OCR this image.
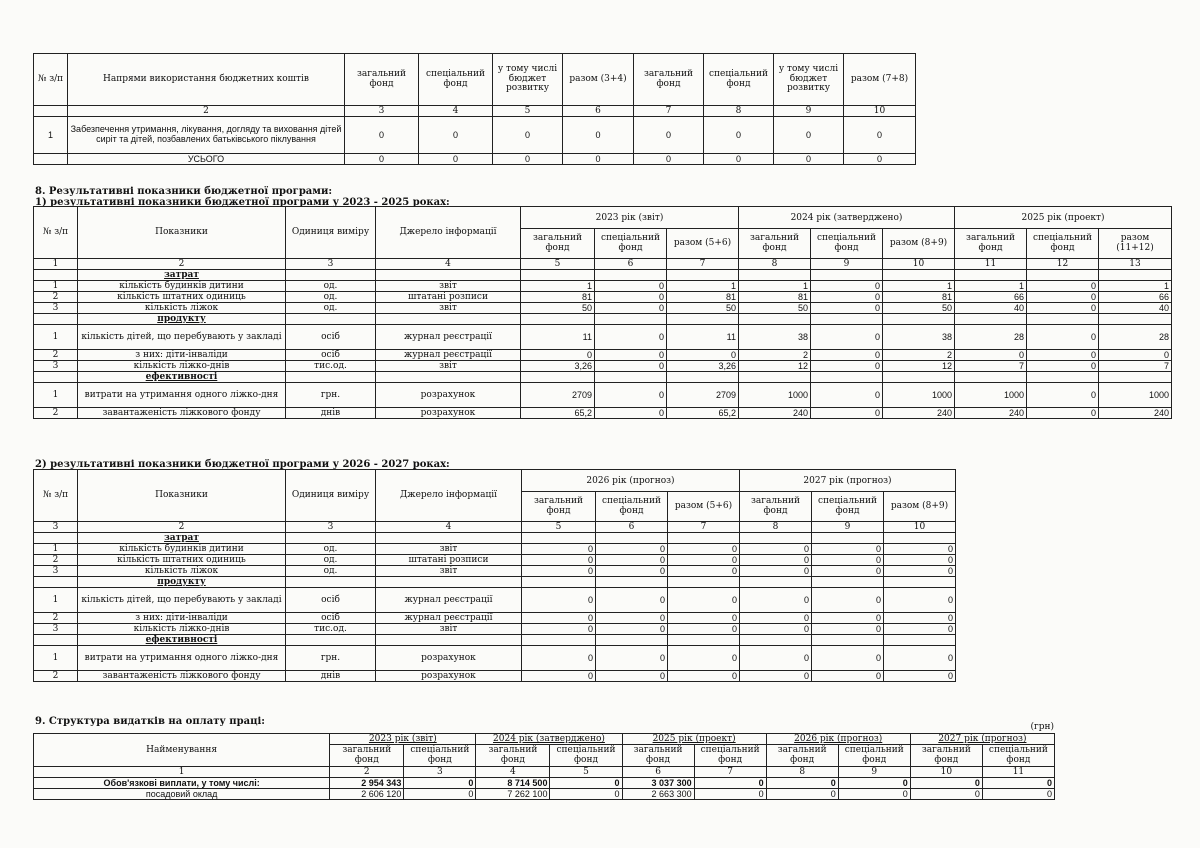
№ з/п	Напрями використання бюджетних коштів	загальний фонд	спеціальний фонд	у тому числі бюджет розвитку	разом (3+4)	загальний фонд	спеціальний фонд	у тому числі бюджет розвитку	разом (7+8)
	2	3	4	5	6	7	8	9	10
1	Забезпечення утримання, лікування, догляду та виховання дітей сиріт та дітей, позбавлених батьківського піклування	0	0	0	0	0	0	0	0
	УСЬОГО	0	0	0	0	0	0	0	0
8. Результативні показники бюджетної програми:
1) результативні показники бюджетної програми у 2023 - 2025 роках:
№ з/п	Показники	Одиниця виміру	Джерело інформації	2023 рік (звіт)			2024 рік (затверджено)			2025 рік (проект)		
				загальний фонд	спеціальний фонд	разом (5+6)	загальний фонд	спеціальний фонд	разом (8+9)	загальний фонд	спеціальний фонд	разом (11+12)
1	2	3	4	5	6	7	8	9	10	11	12	13
	затрат											
1	кількість будинків дитини	од.	звіт	1	0	1	1	0	1	1	0	1
2	кількість штатних одиниць	од.	штатані розписи	81	0	81	81	0	81	66	0	66
3	кількість ліжок	од.	звіт	50	0	50	50	0	50	40	0	40
	продукту											
1	кількість дітей, що перебувають у закладі	осіб	журнал реєстрації	11	0	11	38	0	38	28	0	28
2	з них: діти-інваліди	осіб	журнал реєстрації	0	0	0	2	0	2	0	0	0
3	кількість ліжко-днів	тис.од.	звіт	3,26	0	3,26	12	0	12	7	0	7
	ефективності											
1	витрати на утримання одного ліжко-дня	грн.	розрахунок	2709	0	2709	1000	0	1000	1000	0	1000
2	завантаженість ліжкового фонду	днів	розрахунок	65,2	0	65,2	240	0	240	240	0	240
2) результативні показники бюджетної програми у 2026 - 2027 роках:
№ з/п	Показники	Одиниця виміру	Джерело інформації	2026 рік (прогноз)			2027 рік (прогноз)		
				загальний фонд	спеціальний фонд	разом (5+6)	загальний фонд	спеціальний фонд	разом (8+9)
3	2	3	4	5	6	7	8	9	10
	затрат								
1	кількість будинків дитини	од.	звіт	0	0	0	0	0	0
2	кількість штатних одиниць	од.	штатані розписи	0	0	0	0	0	0
3	кількість ліжок	од.	звіт	0	0	0	0	0	0
	продукту								
1	кількість дітей, що перебувають у закладі	осіб	журнал реєстрації	0	0	0	0	0	0
2	з них: діти-інваліди	осіб	журнал реєстрації	0	0	0	0	0	0
3	кількість ліжко-днів	тис.од.	звіт	0	0	0	0	0	0
	ефективності								
1	витрати на утримання одного ліжко-дня	грн.	розрахунок	0	0	0	0	0	0
2	завантаженість ліжкового фонду	днів	розрахунок	0	0	0	0	0	0
9. Структура видатків на оплату праці:	(грн)
Найменування	2023 рік (звіт)		2024 рік (затверджено)		2025 рік (проект)		2026 рік (прогноз)		2027 рік (прогноз)	
	загальний фонд	спеціальний фонд	загальний фонд	спеціальний фонд	загальний фонд	спеціальний фонд	загальний фонд	спеціальний фонд	загальний фонд	спеціальний фонд
1	2	3	4	5	6	7	8	9	10	11
Обов'язкові виплати, у тому числі:	2 954 343	0	8 714 500	0	3 037 300	0	0	0	0	0
посадовий оклад	2 606 120	0	7 262 100	0	2 663 300	0	0	0	0	0
